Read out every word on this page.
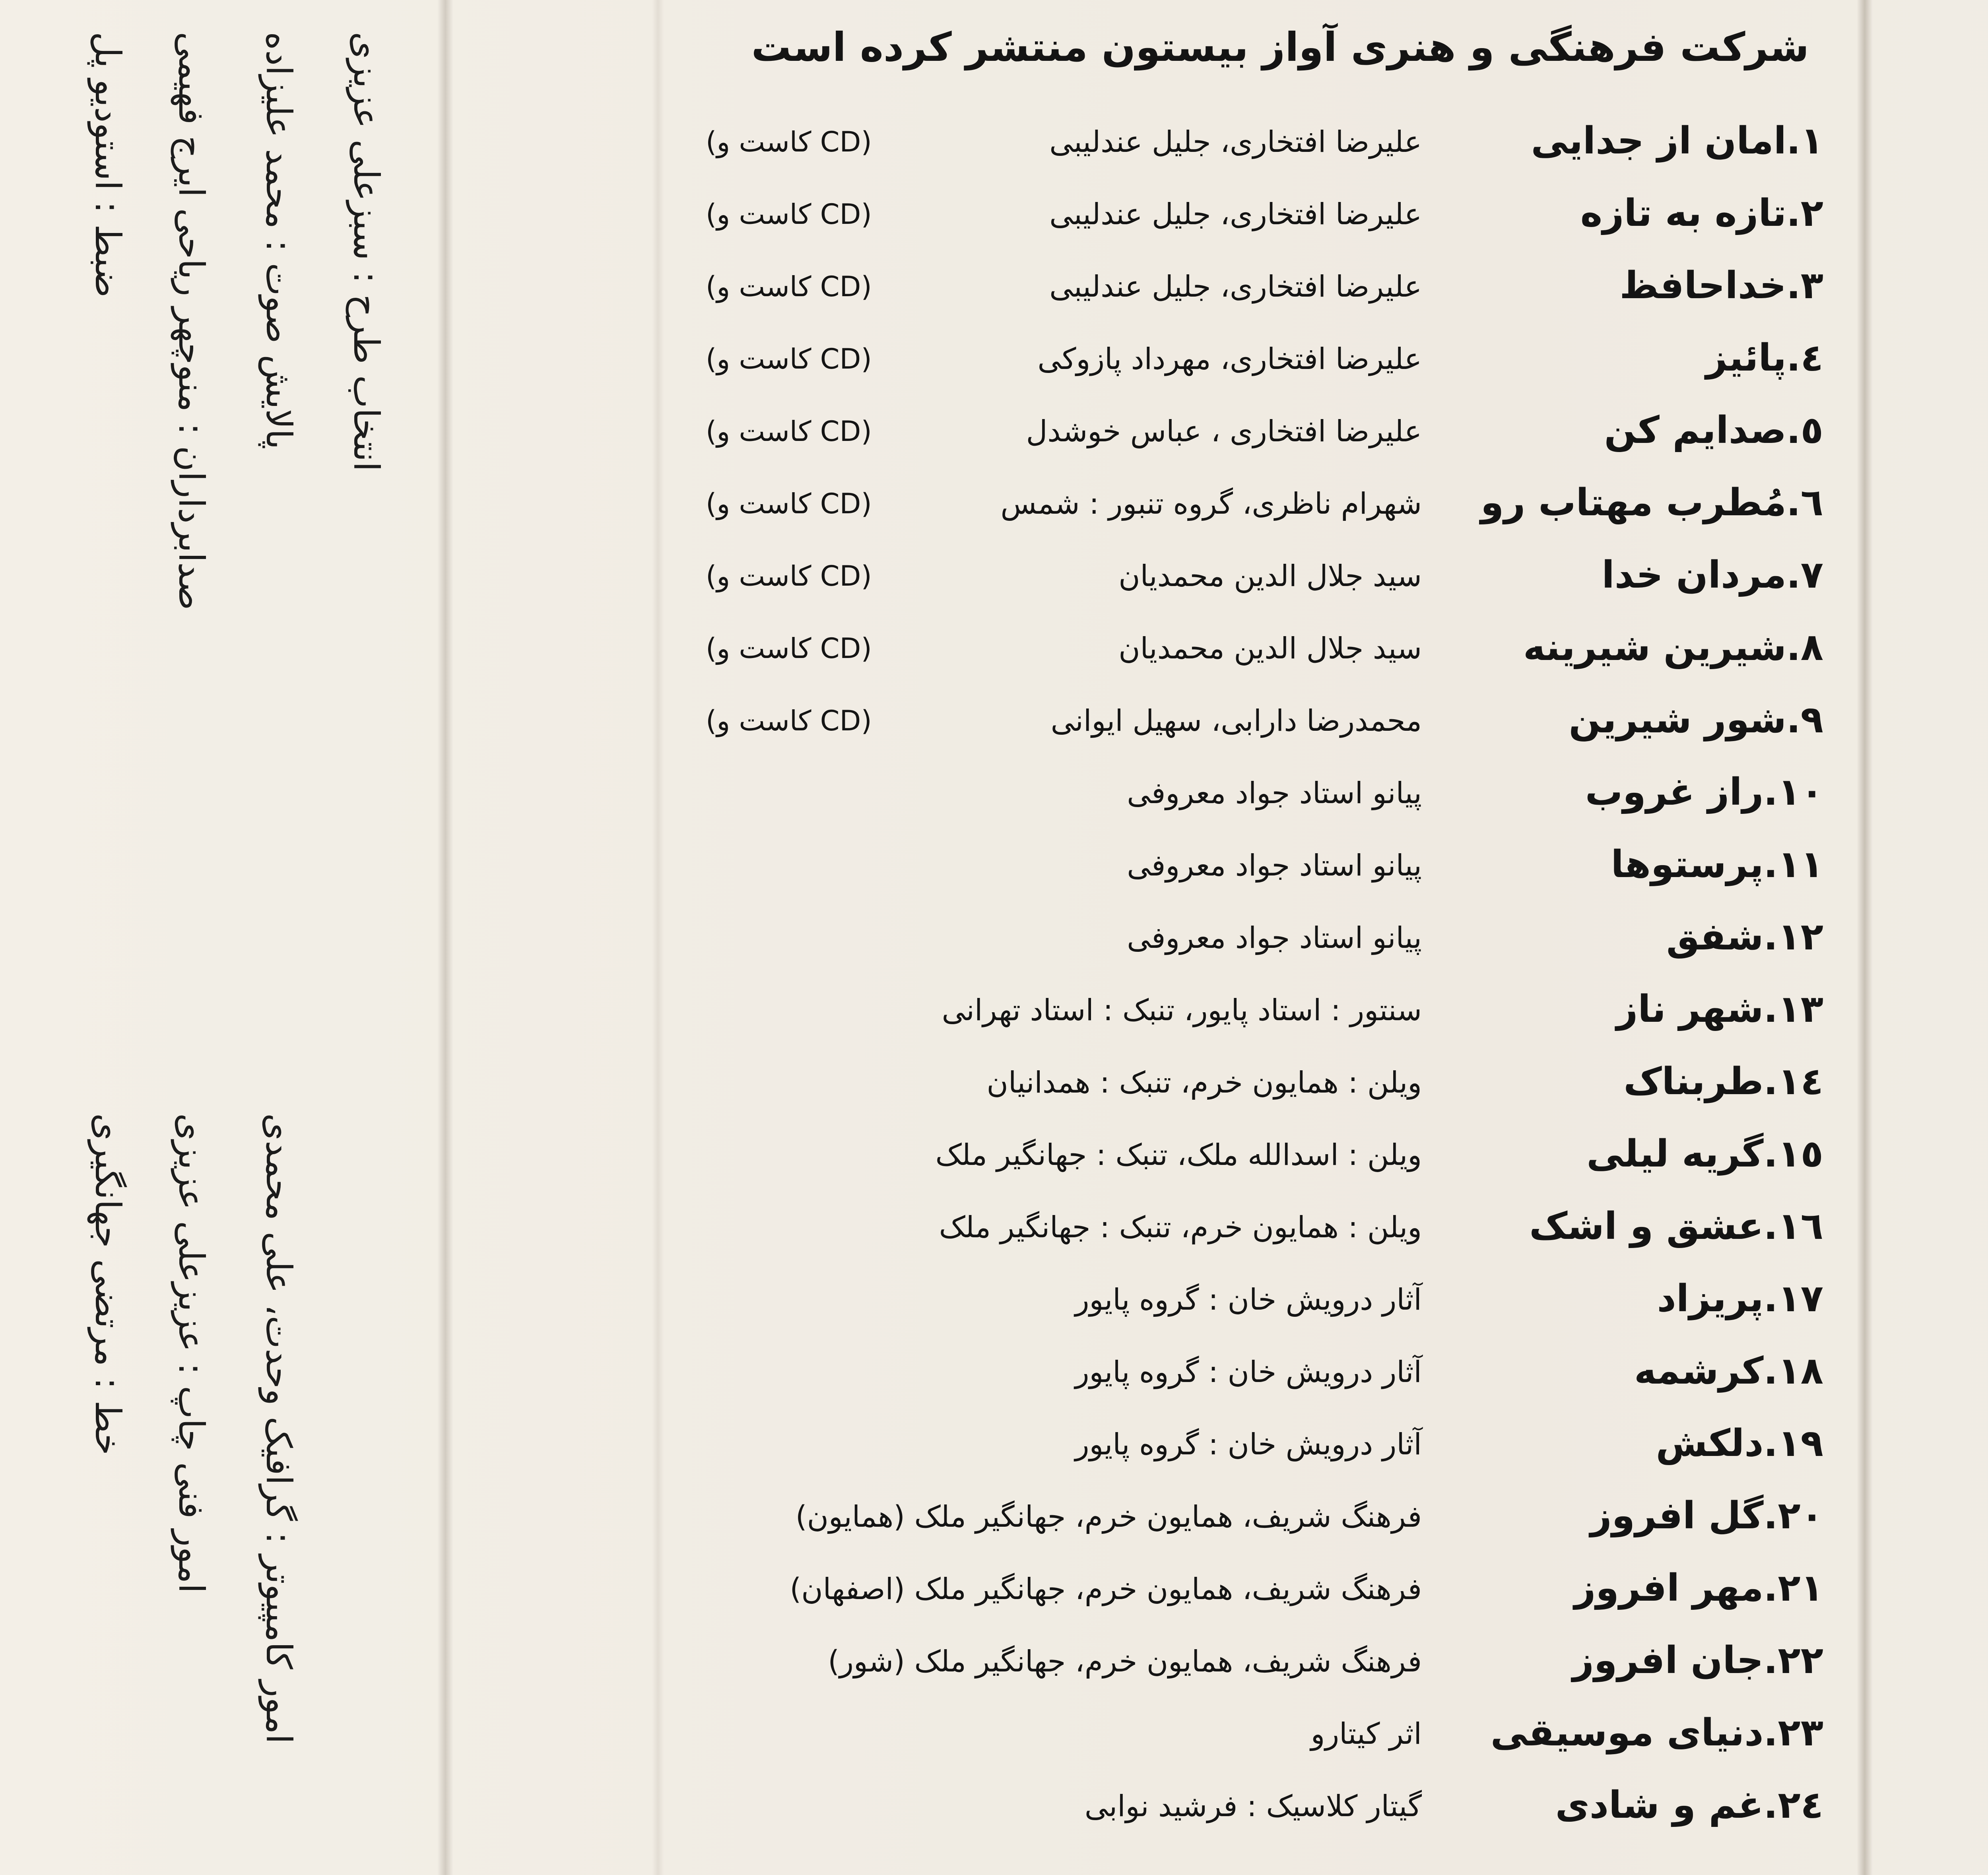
ضبط : استودیو پل صدابرداران : منوچهر ریاحی ایرج فهیمی پالایش صوت : محمد علیزاده انتخاب طرح : سبزعلی عزیزی
خط : مرتضی جهانگیری امور فنی چاپ : عزیزعلی عزیزی امور کامپیوتر : گرافیک وحدت، علی محمدی
شرکت فرهنگی و هنری آواز بیستون منتشر کرده است
۱.امان از جدایی
علیرضا افتخاری، جلیل عندلیبی
(کاست و CD)
۲.تازه به تازه
علیرضا افتخاری، جلیل عندلیبی
(کاست و CD)
۳.خداحافظ
علیرضا افتخاری، جلیل عندلیبی
(کاست و CD)
٤.پائیز
علیرضا افتخاری، مهرداد پازوکی
(کاست و CD)
٥.صدایم کن
علیرضا افتخاری ، عباس خوشدل
(کاست و CD)
٦.مُطرب مهتاب رو
شهرام ناظری، گروه تنبور : شمس
(کاست و CD)
۷.مردان خدا
سید جلال الدین محمدیان
(کاست و CD)
۸.شیرین شیرینه
سید جلال الدین محمدیان
(کاست و CD)
۹.شور شیرین
محمدرضا دارابی، سهیل ایوانی
(کاست و CD)
۱۰.راز غروب
پیانو استاد جواد معروفی
۱۱.پرستوها
پیانو استاد جواد معروفی
۱۲.شفق
پیانو استاد جواد معروفی
۱۳.شهر ناز
سنتور : استاد پایور، تنبک : استاد تهرانی
۱٤.طربناک
ویلن : همایون خرم، تنبک : همدانیان
۱٥.گریه لیلی
ویلن : اسدالله ملک، تنبک : جهانگیر ملک
۱٦.عشق و اشک
ویلن : همایون خرم، تنبک : جهانگیر ملک
۱۷.پریزاد
آثار درویش خان : گروه پایور
۱۸.کرشمه
آثار درویش خان : گروه پایور
۱۹.دلکش
آثار درویش خان : گروه پایور
۲۰.گل افروز
فرهنگ شریف، همایون خرم، جهانگیر ملک (همایون)
۲۱.مهر افروز
فرهنگ شریف، همایون خرم، جهانگیر ملک (اصفهان)
۲۲.جان افروز
فرهنگ شریف، همایون خرم، جهانگیر ملک (شور)
۲۳.دنیای موسیقی
اثر کیتارو
۲٤.غم و شادی
گیتار کلاسیک : فرشید نوابی
